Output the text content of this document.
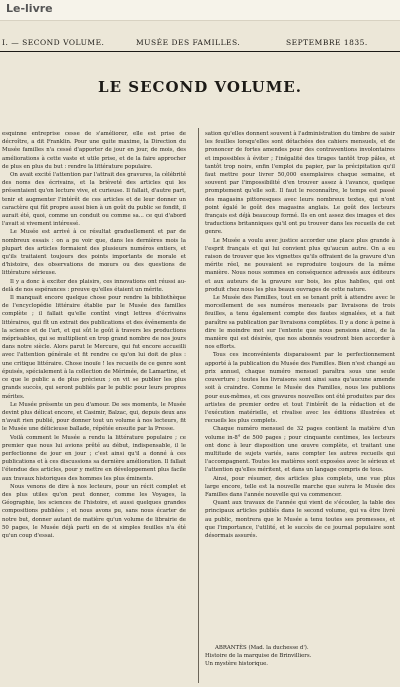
Le-livre
I. — SECOND VOLUME.	MUSÉE DES FAMILLES.	SEPTEMBRE 1835.
LE SECOND VOLUME.

esquinne entreprise cesse de s'améliorer, elle est prise de décroître, a dit Franklin. Pour une quite maxime, la Direction du Musée familles n'a cessé d'apporter de jour en jour, de mois, des améliorations à cette vaste et utile prise, et de la faire approcher de plus en plus du but : rendre la littérature populaire.

On avait excité l'attention par l'attrait des gravures, la célébrité des noms des écrivains, et la brièveté des articles qui les présentaient qu'on lecture vive, et curieuse. Il fallait, d'autre part, tenir et augmenter l'intérêt de ces articles et de leur donner un caractère qui fût propre aussi bien à un goût du public se fondit, il aurait été, quoi, comme un conduit ou comme sa... ce qui d'abord l'avait si vivement intéressé.

Le Musée est arrivé à ce résultat graduellement et par de nombreux essais : on a pu voir que, dans les dernières mois la plupart des articles formaient des plusieurs numéros entiers, et qu'ils traitaient toujours des points importants de morale et d'histoire, des observations de mœurs ou des questions de littérature sérieuse.

Il y a donc à exciter des plaisirs, ces innovations ont réussi au-delà de nos espérances : preuve qu'elles étaient un mérite.

Il manquait encore quelque chose pour rendre la bibliothèque de l'encyclopédie littéraire établie par le Musée des familles complète ; il fallait qu'elle contînt vingt lettres d'écrivains littéraires, qui fît un extrait des publications et des événements de la science et de l'art, et qui sût le goût à travers les productions méprisables, qui se multiplient en trop grand nombre de nos jours dans notre siècle. Alors parut le Mercure, qui fut encore accueilli avec l'attention générale et fit rendre ce qu'on lui doit de plus : une critique littéraire. Chose inouïe ! les recueils de ce genre sont épuisés, spécialement à la collection de Mérimée, de Lamartine, et ce que le public a de plus précieux ; on vit se publier les plus grands succès, qui seront publiés par le public pour leurs propres mérites.

Le Musée présente un peu d'amour. De ses moments, le Musée devint plus délicat encore, et Casimir, Balzac, qui, depuis deux ans n'avait rien publié, pour donner tout un volume à nos lecteurs, fit le Musée une délicieuse ballade, répétée ensuite par la Presse.

Voilà comment le Musée a rendu la littérature populaire ; ce premier que nous lui avions prêté au début, indispensable, il le perfectionne de jour en jour ; c'est ainsi qu'il a donné à ces publications et à ces discussions sa dernière amélioration. Il fallait l'étendue des articles, pour y mettre en développement plus facile aux travaux historiques des hommes les plus éminents.

Nous venons de dire à nos lecteurs, pour un récit complet et des plus utiles qu'on peut donner, comme les Voyages, la Géographie, les sciences de l'histoire, et aussi quelques grandes compositions publiées ; et nous avons pu, sans nous écarter de notre but, donner autant de matière qu'un volume de librairie de 50 pages, le Musée déjà parti en de si simples feuilles n'a été qu'un coup d'essai.

sation qu'elles donnent souvent à l'administration du timbre de saisir les feuilles lorsqu'elles sont détachées des cahiers mensuels, et de prononcer de fortes amendes pour des contraventions involontaires et impossibles à éviter ; l'inégalité des tirages tantôt trop pâles, et tantôt trop noirs, enfin l'emploi du papier, par la précipitation qu'il faut mettre pour livrer 50,000 exemplaires chaque semaine, et souvent par l'impossibilité d'en trouver assez à l'avance, quelque promptement qu'elle soit. Il faut le reconnaître, le temps est passé des magasins pittoresques avec leurs nombreux textes, qui n'ont point égalé le goût des magasins anglais. Le goût des lecteurs français est déjà beaucoup formé. Ils en ont assez des images et des traductions britanniques qu'il ont pu trouver dans les recueils de cet genre.

Le Musée a voulu avec justice accorder une place plus grande à l'esprit français et qui lui convient plus qu'aucun autre. On a eu raison de trouver que les vignettes qu'ils offraient de la gravure d'un mérite réel, ne pouvaient se reproduire toujours de la même manière. Nous nous sommes en conséquence adressés aux éditeurs et aux auteurs de la gravure sur bois, les plus habiles, qui ont produit chez nous les plus beaux ouvrages de cette nature.

Le Musée des Familles, tout en se tenant prêt à attendre avec le morcellement de ses numéros mensuels par livraisons de trois feuilles, a tenu également compte des fautes signalées, et a fait paraître sa publication par livraisons complètes. Il y a donc à peine à dire le moindre mot sur l'entente que nous pensions ainsi, de la manière qui est désirée, que nos abonnés voudront bien accorder à nos efforts.

Tous ces inconvénients disparaissent par le perfectionnement apporté à la publication du Musée des Familles. Bien n'est changé au prix annuel, chaque numéro mensuel paraîtra sous une seule couverture ; toutes les livraisons sont ainsi sans qu'aucune amende soit à craindre. Comme le Musée des Familles, nous les publions pour eux-mêmes, et ces gravures nouvelles ont été produites par des artistes de premier ordre et tout l'intérêt de la rédaction et de l'exécution matérielle, et rivalise avec les éditions illustrées et recueils les plus complets.

Chaque numéro mensuel de 32 pages contient la matière d'un volume in-8° de 500 pages ; pour cinquante centimes, les lecteurs ont donc à leur disposition une œuvre complète, et traitant une multitude de sujets variés, sans compter les autres recueils qui l'accompagnent. Toutes les matières sont exposées avec le sérieux et l'attention qu'elles méritent, et dans un langage compris de tous.

Ainsi, pour résumer, des articles plus complets, une vue plus large encore, telle est la nouvelle marche que suivra le Musée des Familles dans l'année nouvelle qui va commencer.

Quant aux travaux de l'année qui vient de s'écouler, la table des principaux articles publiés dans le second volume, qui va être livré au public, montrera que le Musée a tenu toutes ses promesses, et que l'importance, l'utilité, et le succès de ce journal populaire sont désormais assurés.

ABRANTÈS (Mad. la duchesse d').

Histoire de la marquise de Brinvilliers.

Un mystère historique.
